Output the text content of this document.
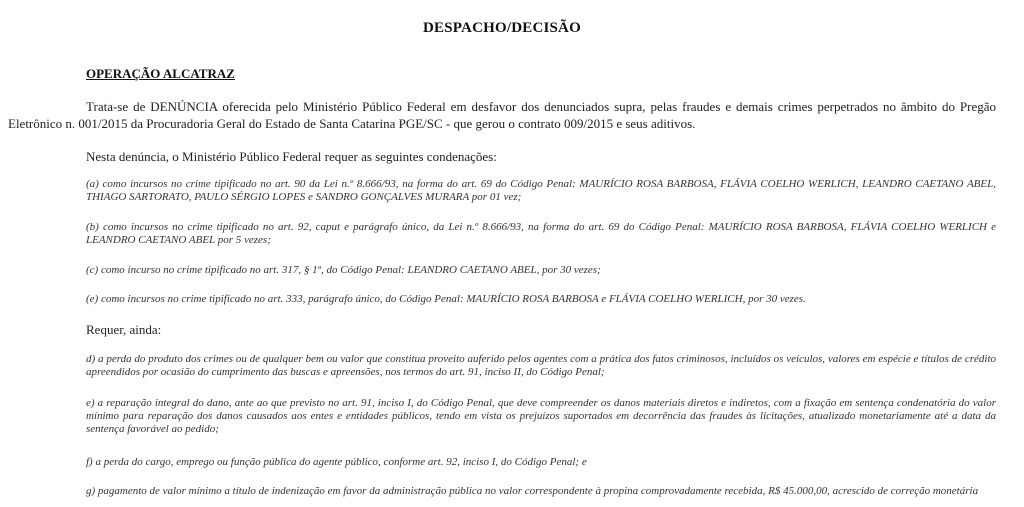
DESPACHO/DECISÃO
OPERAÇÃO ALCATRAZ
Trata-se de DENÚNCIA oferecida pelo Ministério Público Federal em desfavor dos denunciados supra, pelas fraudes e demais crimes perpetrados no âmbito do Pregão Eletrônico n. 001/2015 da Procuradoria Geral do Estado de Santa Catarina PGE/SC - que gerou o contrato 009/2015 e seus aditivos.
Nesta denúncia, o Ministério Público Federal requer as seguintes condenações:
(a) como incursos no crime tipificado no art. 90 da Lei n.º 8.666/93, na forma do art. 69 do Código Penal: MAURÍCIO ROSA BARBOSA, FLÁVIA COELHO WERLICH, LEANDRO CAETANO ABEL, THIAGO SARTORATO, PAULO SÉRGIO LOPES e SANDRO GONÇALVES MURARA por 01 vez;
(b) como incursos no crime tipificado no art. 92, caput e parágrafo único, da Lei n.º 8.666/93, na forma do art. 69 do Código Penal: MAURÍCIO ROSA BARBOSA, FLÁVIA COELHO WERLICH e LEANDRO CAETANO ABEL por 5 vezes;
(c) como incurso no crime tipificado no art. 317, § 1º, do Código Penal: LEANDRO CAETANO ABEL, por 30 vezes;
(e) como incursos no crime tipificado no art. 333, parágrafo único, do Código Penal: MAURÍCIO ROSA BARBOSA e FLÁVIA COELHO WERLICH, por 30 vezes.
Requer, ainda:
d) a perda do produto dos crimes ou de qualquer bem ou valor que constitua proveito auferido pelos agentes com a prática dos fatos criminosos, incluídos os veículos, valores em espécie e títulos de crédito apreendidos por ocasião do cumprimento das buscas e apreensões, nos termos do art. 91, inciso II, do Código Penal;
e) a reparação integral do dano, ante ao que previsto no art. 91, inciso I, do Código Penal, que deve compreender os danos materiais diretos e indiretos, com a fixação em sentença condenatória do valor mínimo para reparação dos danos causados aos entes e entidades públicos, tendo em vista os prejuízos suportados em decorrência das fraudes às licitações, atualizado monetariamente até a data da sentença favorável ao pedido;
f) a perda do cargo, emprego ou função pública do agente público, conforme art. 92, inciso I, do Código Penal; e
g) pagamento de valor mínimo a título de indenização em favor da administração pública no valor correspondente à propina comprovadamente recebida, R$ 45.000,00, acrescido de correção monetária
